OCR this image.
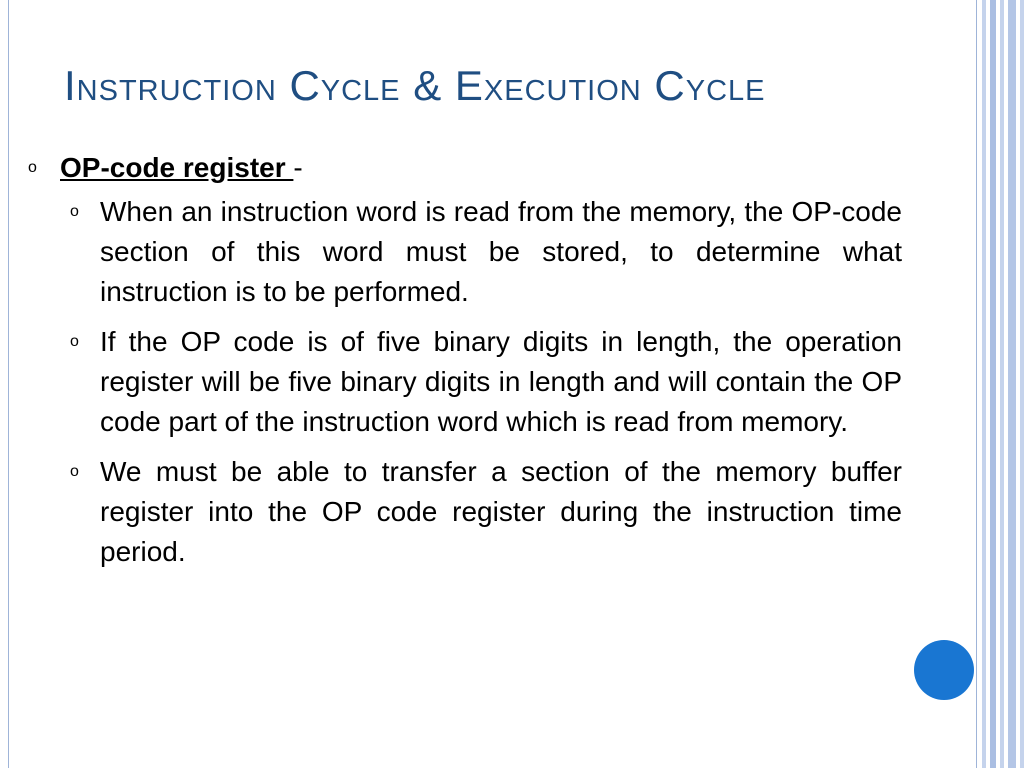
Instruction Cycle & Execution Cycle
o OP-code register -
o When an instruction word is read from the memory, the OP-code section of this word must be stored, to determine what instruction is to be performed.
o If the OP code is of five binary digits in length, the operation register will be five binary digits in length and will contain the OP code part of the instruction word which is read from memory.
o We must be able to transfer a section of the memory buffer register into the OP code register during the instruction time period.
